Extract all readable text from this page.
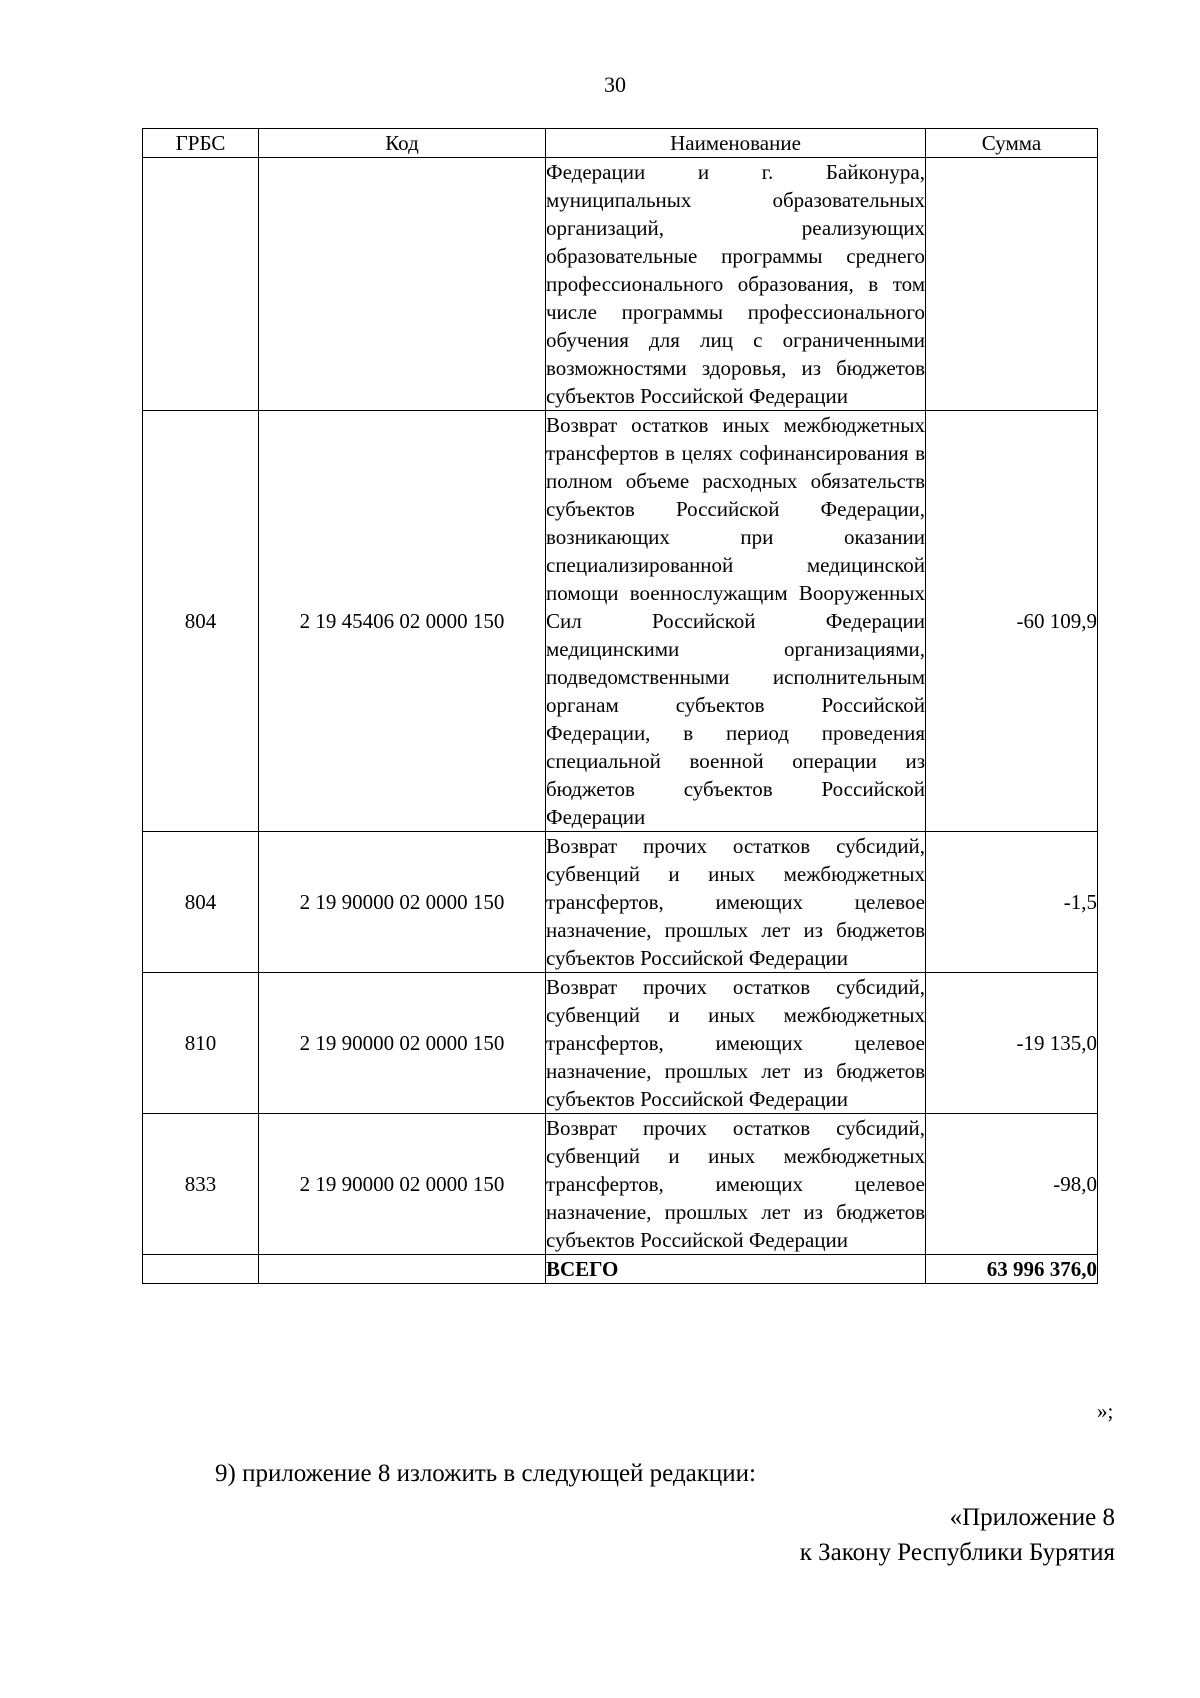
30
ГРБС	Код	Наименование	Сумма
		Федерации и г. Байконура, муниципальных образовательных организаций, реализующих образовательные программы среднего профессионального образования, в том числе программы профессионального обучения для лиц с ограниченными возможностями здоровья, из бюджетов субъектов Российской Федерации	
804	2 19 45406 02 0000 150	Возврат остатков иных межбюджетных трансфертов в целях софинансирования в полном объеме расходных обязательств субъектов Российской Федерации, возникающих при оказании специализированной медицинской помощи военнослужащим Вооруженных Сил Российской Федерации медицинскими организациями, подведомственными исполнительным органам субъектов Российской Федерации, в период проведения специальной военной операции из бюджетов субъектов Российской Федерации	-60 109,9
804	2 19 90000 02 0000 150	Возврат прочих остатков субсидий, субвенций и иных межбюджетных трансфертов, имеющих целевое назначение, прошлых лет из бюджетов субъектов Российской Федерации	-1,5
810	2 19 90000 02 0000 150	Возврат прочих остатков субсидий, субвенций и иных межбюджетных трансфертов, имеющих целевое назначение, прошлых лет из бюджетов субъектов Российской Федерации	-19 135,0
833	2 19 90000 02 0000 150	Возврат прочих остатков субсидий, субвенций и иных межбюджетных трансфертов, имеющих целевое назначение, прошлых лет из бюджетов субъектов Российской Федерации	-98,0
		ВСЕГО	63 996 376,0
»;
9) приложение 8 изложить в следующей редакции:
«Приложение 8
к Закону Республики Бурятия
